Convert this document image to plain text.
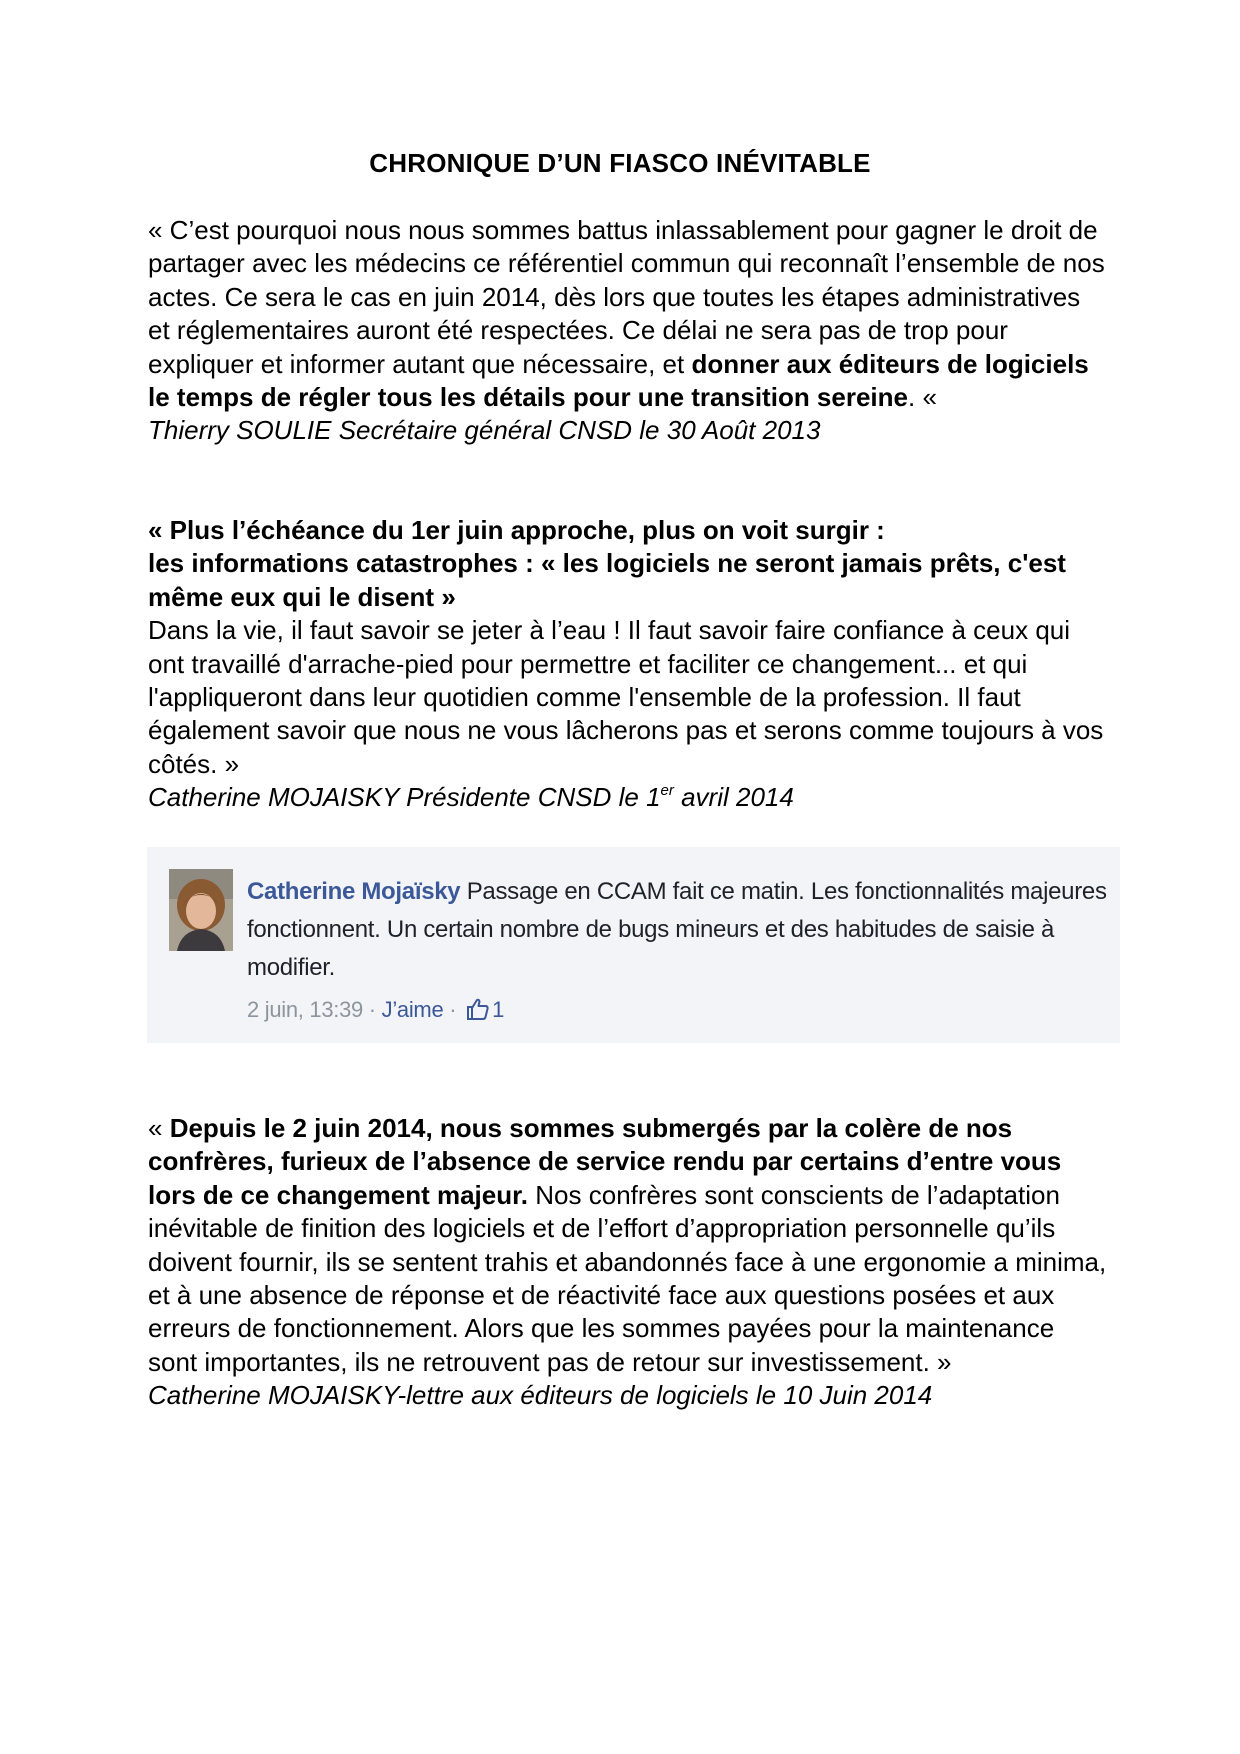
CHRONIQUE D’UN FIASCO INÉVITABLE

« C’est pourquoi nous nous sommes battus inlassablement pour gagner le droit de partager avec les médecins ce référentiel commun qui reconnaît l’ensemble de nos actes. Ce sera le cas en juin 2014, dès lors que toutes les étapes administratives et réglementaires auront été respectées. Ce délai ne sera pas de trop pour expliquer et informer autant que nécessaire, et donner aux éditeurs de logiciels le temps de régler tous les détails pour une transition sereine. «

Thierry SOULIE Secrétaire général CNSD le 30 Août 2013

« Plus l’échéance du 1er juin approche, plus on voit surgir :
les informations catastrophes : « les logiciels ne seront jamais prêts, c'est même eux qui le disent »

Dans la vie, il faut savoir se jeter à l’eau ! Il faut savoir faire confiance à ceux qui ont travaillé d'arrache-pied pour permettre et faciliter ce changement... et qui l'appliqueront dans leur quotidien comme l'ensemble de la profession. Il faut également savoir que nous ne vous lâcherons pas et serons comme toujours à vos côtés. »

Catherine MOJAISKY Présidente CNSD le 1er avril 2014

Catherine Mojaïsky Passage en CCAM fait ce matin. Les fonctionnalités majeures fonctionnent. Un certain nombre de bugs mineurs et des habitudes de saisie à modifier.
2 juin, 13:39 · J’aime · 1

« Depuis le 2 juin 2014, nous sommes submergés par la colère de nos confrères, furieux de l’absence de service rendu par certains d’entre vous lors de ce changement majeur. Nos confrères sont conscients de l’adaptation inévitable de finition des logiciels et de l’effort d’appropriation personnelle qu’ils doivent fournir, ils se sentent trahis et abandonnés face à une ergonomie a minima, et à une absence de réponse et de réactivité face aux questions posées et aux erreurs de fonctionnement. Alors que les sommes payées pour la maintenance sont importantes, ils ne retrouvent pas de retour sur investissement. »

Catherine MOJAISKY-lettre aux éditeurs de logiciels le 10 Juin 2014
